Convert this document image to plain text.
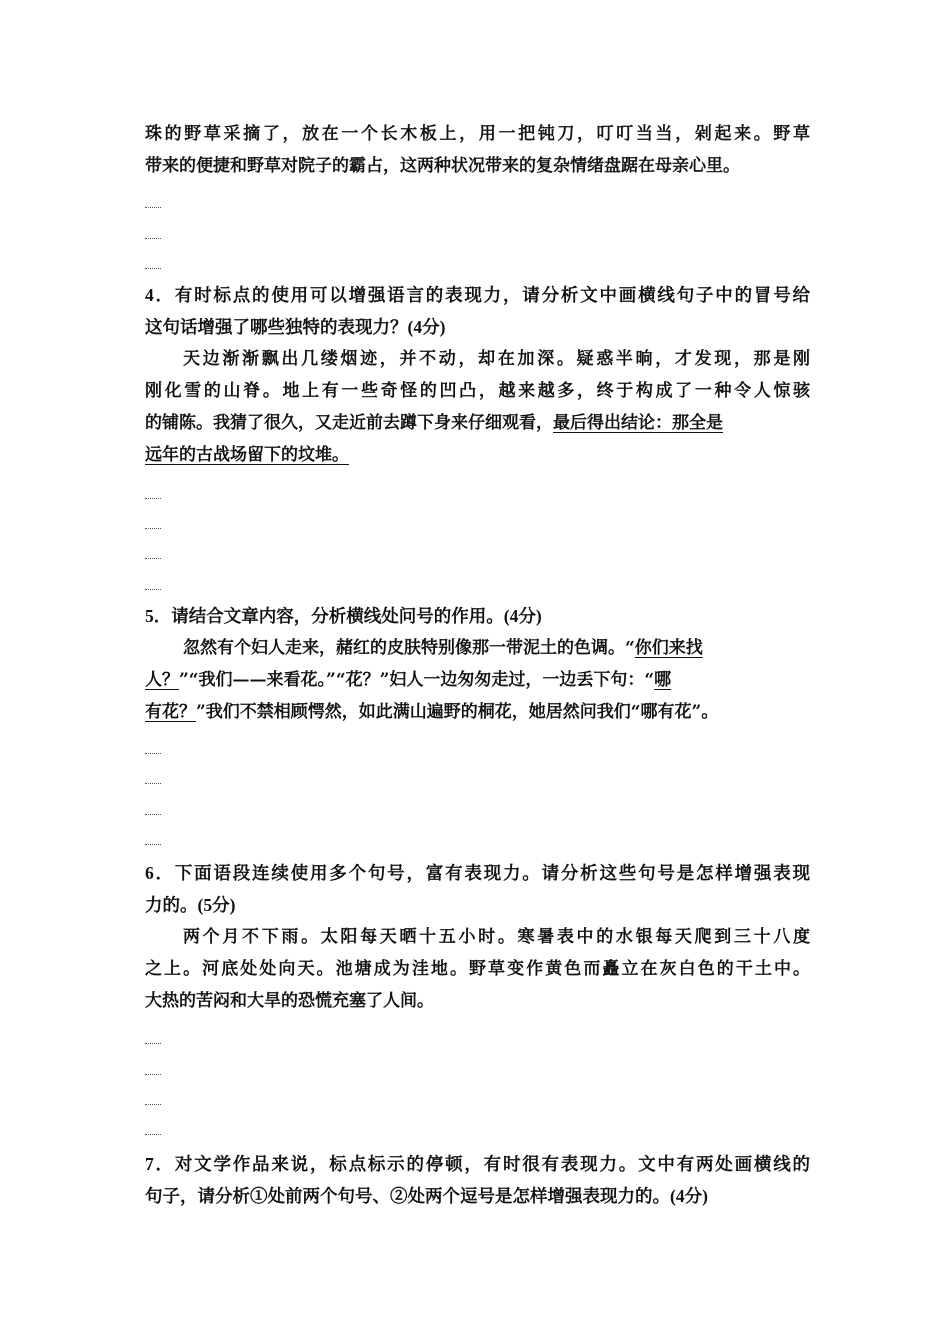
珠的野草采摘了，放在一个长木板上，用一把钝刀，叮叮当当，剁起来。野草
带来的便捷和野草对院子的霸占，这两种状况带来的复杂情绪盘踞在母亲心里。
4．有时标点的使用可以增强语言的表现力，请分析文中画横线句子中的冒号给
这句话增强了哪些独特的表现力？(4分)
天边渐渐飘出几缕烟迹，并不动，却在加深。疑惑半晌，才发现，那是刚
刚化雪的山脊。地上有一些奇怪的凹凸，越来越多，终于构成了一种令人惊骇
的铺陈。我猜了很久，又走近前去蹲下身来仔细观看，最后得出结论：那全是
远年的古战场留下的坟堆。
5．请结合文章内容，分析横线处问号的作用。(4分)
忽然有个妇人走来，赭红的皮肤特别像那一带泥土的色调。“你们来找
人？”“我们——来看花。”“花？”妇人一边匆匆走过，一边丢下句：“哪
有花？”我们不禁相顾愕然，如此满山遍野的桐花，她居然问我们“哪有花”。
6．下面语段连续使用多个句号，富有表现力。请分析这些句号是怎样增强表现
力的。(5分)
两个月不下雨。太阳每天晒十五小时。寒暑表中的水银每天爬到三十八度
之上。河底处处向天。池塘成为洼地。野草变作黄色而矗立在灰白色的干土中。
大热的苦闷和大旱的恐慌充塞了人间。
7．对文学作品来说，标点标示的停顿，有时很有表现力。文中有两处画横线的
句子，请分析①处前两个句号、②处两个逗号是怎样增强表现力的。(4分)
